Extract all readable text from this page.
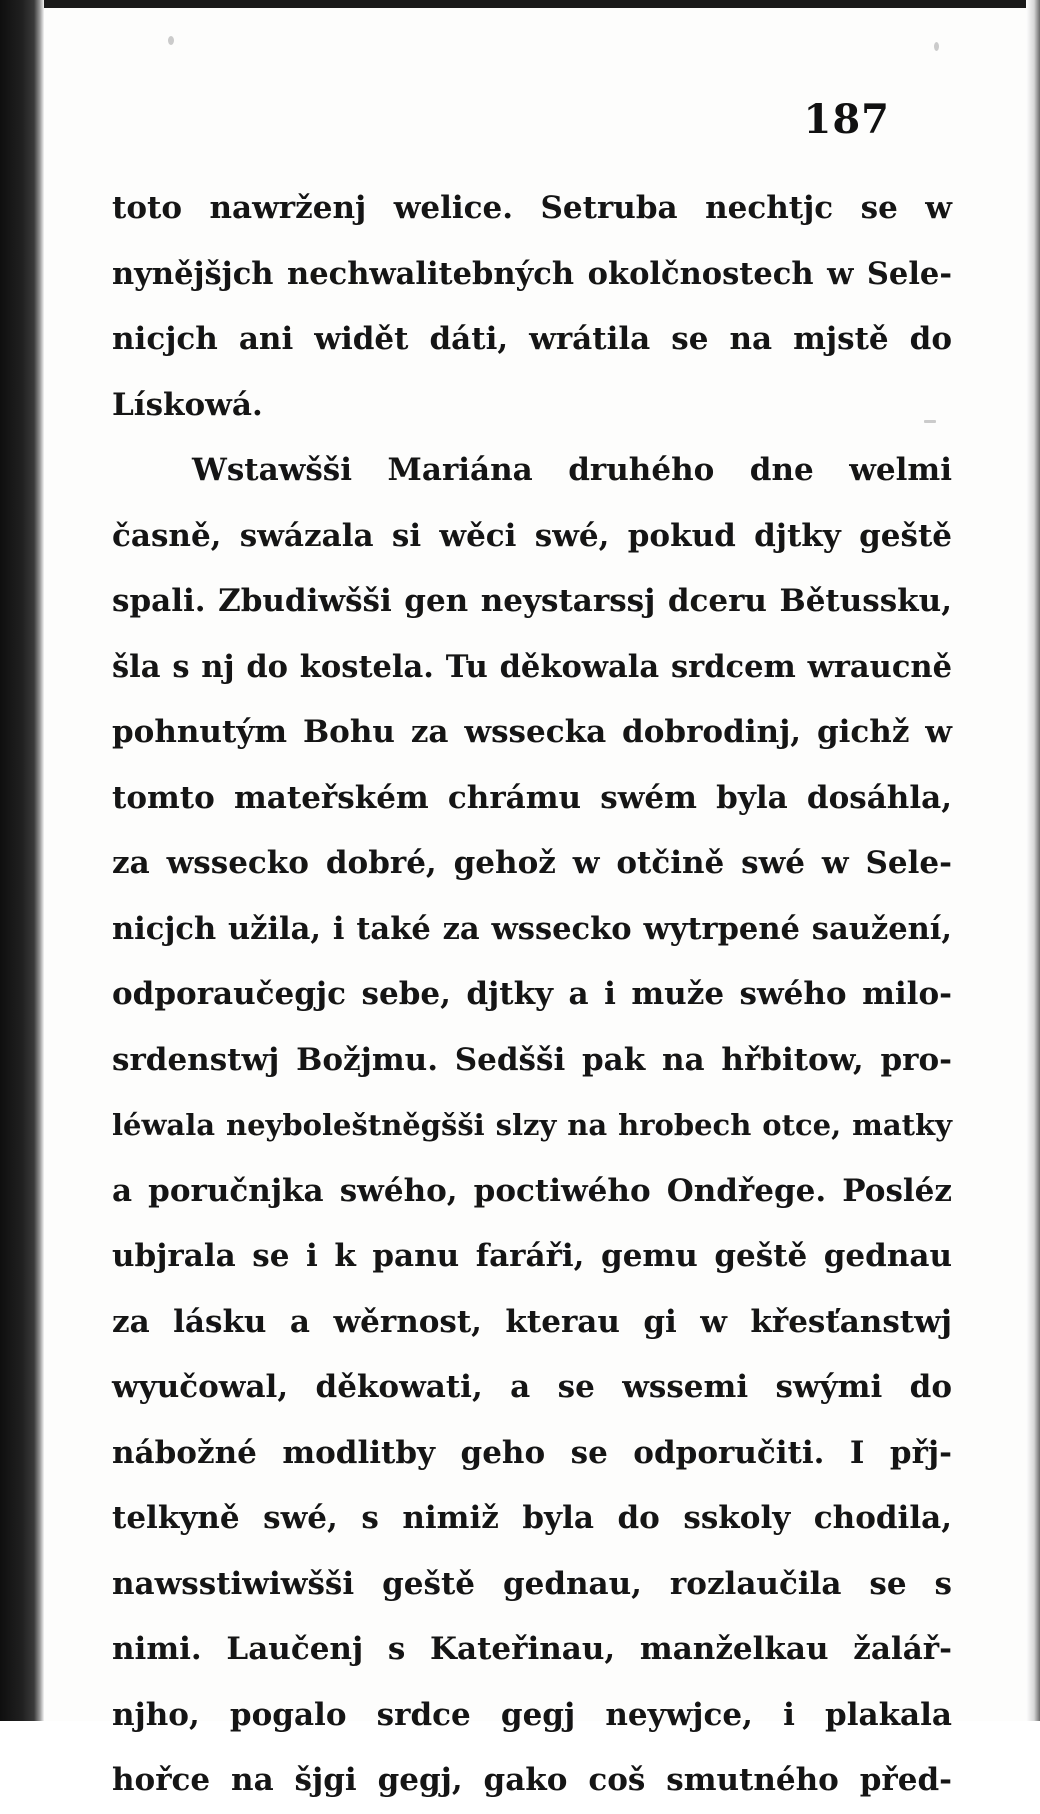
187
toto nawrženj welice. Setruba nechtjc se w
nynějšjch nechwalitebných okolčnostech w Sele-
nicjch ani widět dáti, wrátila se na mjstě do
Lískowá.
Wstawšši Mariána druhého dne welmi
časně, swázala si wěci swé, pokud djtky geště
spali. Zbudiwšši gen neystarssj dceru Bětussku,
šla s nj do kostela. Tu děkowala srdcem wraucně
pohnutým Bohu za wssecka dobrodinj, gichž w
tomto mateřském chrámu swém byla dosáhla,
za wssecko dobré, gehož w otčině swé w Sele-
nicjch užila, i také za wssecko wytrpené saužení,
odporaučegjc sebe, djtky a i muže swého milo-
srdenstwj Božjmu. Sedšši pak na hřbitow, pro-
léwala neyboleštněgšši slzy na hrobech otce, matky
a poručnjka swého, poctiwého Ondřege. Posléz
ubjrala se i k panu faráři, gemu geště gednau
za lásku a wěrnost, kterau gi w křesťanstwj
wyučowal, děkowati, a se wssemi swými do
nábožné modlitby geho se odporučiti. I přj-
telkyně swé, s nimiž byla do sskoly chodila,
nawsstiwiwšši geště gednau, rozlaučila se s
nimi. Laučenj s Kateřinau, manželkau žalář-
njho, pogalo srdce gegj neywjce, i plakala
hořce na šjgi gegj, gako coš smutného před-
